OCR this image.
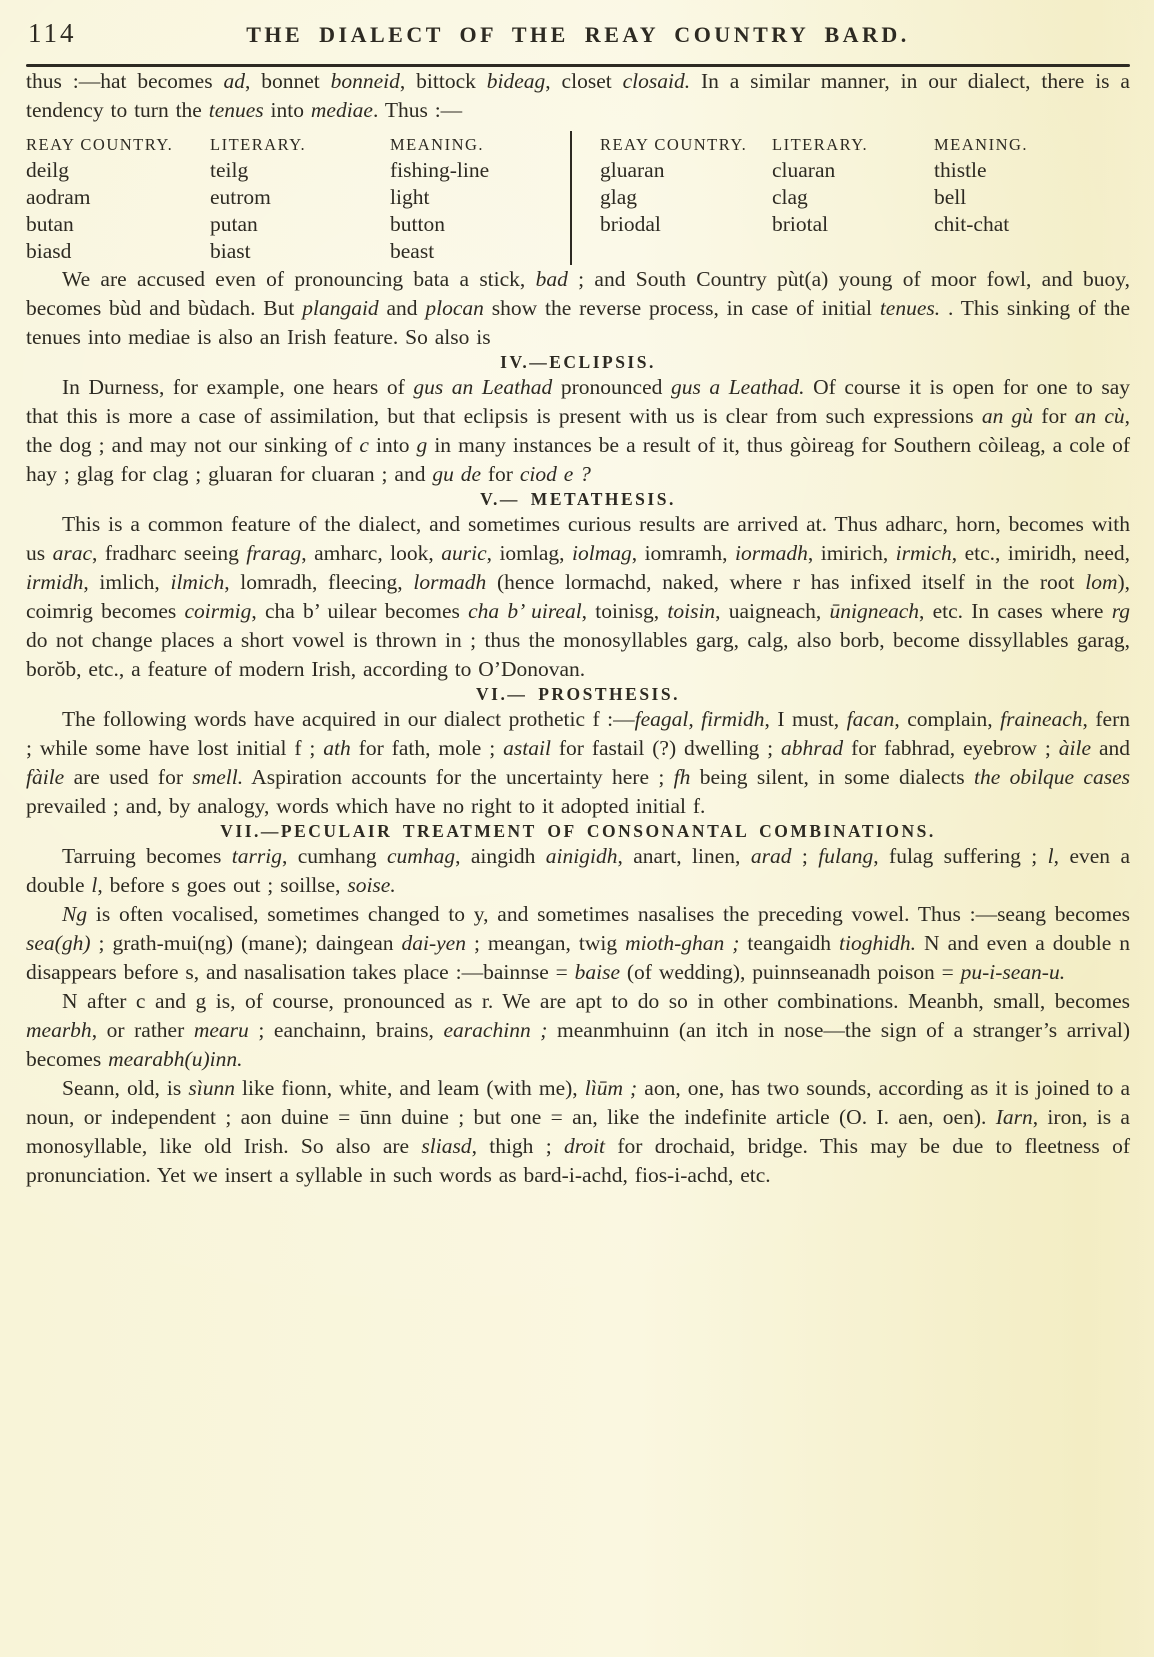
114	THE DIALECT OF THE REAY COUNTRY BARD.

thus :—hat becomes ad, bonnet bonneid, bittock bideag, closet closaid. In a similar manner, in our dialect, there is a tendency to turn the tenues into mediae. Thus :—

REAY COUNTRY.	LITERARY.	MEANING.
deilg	teilg	fishing-line
aodram	eutrom	light
butan	putan	button
biasd	biast	beast
REAY COUNTRY.	LITERARY.	MEANING.
gluaran	cluaran	thistle
glag	clag	bell
briodal	briotal	chit-chat

We are accused even of pronouncing bata a stick, bad ; and South Country pùt(a) young of moor fowl, and buoy, becomes bùd and bùdach. But plangaid and plocan show the reverse process, in case of initial tenues. . This sinking of the tenues into mediae is also an Irish feature. So also is

IV.—ECLIPSIS.

In Durness, for example, one hears of gus an Leathad pronounced gus a Leathad. Of course it is open for one to say that this is more a case of assimilation, but that eclipsis is present with us is clear from such expressions an gù for an cù, the dog ; and may not our sinking of c into g in many instances be a result of it, thus gòireag for Southern còileag, a cole of hay ; glag for clag ; gluaran for cluaran ; and gu de for ciod e ?

V.— METATHESIS.

This is a common feature of the dialect, and sometimes curious results are arrived at. Thus adharc, horn, becomes with us arac, fradharc seeing frarag, amharc, look, auric, iomlag, iolmag, iomramh, iormadh, imirich, irmich, etc., imiridh, need, irmidh, imlich, ilmich, lomradh, fleecing, lormadh (hence lormachd, naked, where r has infixed itself in the root lom), coimrig becomes coirmig, cha b’ uilear becomes cha b’ uireal, toinisg, toisin, uaigneach, ūnigneach, etc. In cases where rg do not change places a short vowel is thrown in ; thus the monosyllables garg, calg, also borb, become dissyllables garag, borŏb, etc., a feature of modern Irish, according to O’Donovan.

VI.— PROSTHESIS.

The following words have acquired in our dialect prothetic f :—feagal, firmidh, I must, facan, complain, fraineach, fern ; while some have lost initial f ; ath for fath, mole ; astail for fastail (?) dwelling ; abhrad for fabhrad, eyebrow ; àile and fàile are used for smell. Aspiration accounts for the uncertainty here ; fh being silent, in some dialects the obilque cases prevailed ; and, by analogy, words which have no right to it adopted initial f.

VII.—PECULAIR TREATMENT OF CONSONANTAL COMBINATIONS.

Tarruing becomes tarrig, cumhang cumhag, aingidh ainigidh, anart, linen, arad ; fulang, fulag suffering ; l, even a double l, before s goes out ; soillse, soise.

Ng is often vocalised, sometimes changed to y, and sometimes nasalises the preceding vowel. Thus :—seang becomes sea(gh) ; grath-mui(ng) (mane); daingean dai-yen ; meangan, twig mioth-ghan ; teangaidh tioghidh. N and even a double n disappears before s, and nasalisation takes place :—bainnse = baise (of wedding), puinnseanadh poison = pu-i-sean-u.

N after c and g is, of course, pronounced as r. We are apt to do so in other combinations. Meanbh, small, becomes mearbh, or rather mearu ; eanchainn, brains, earachinn ; meanmhuinn (an itch in nose—the sign of a stranger’s arrival) becomes mearabh(u)inn.

Seann, old, is sìunn like fionn, white, and leam (with me), lìūm ; aon, one, has two sounds, according as it is joined to a noun, or independent ; aon duine = ūnn duine ; but one = an, like the indefinite article (O. I. aen, oen). Iarn, iron, is a monosyllable, like old Irish. So also are sliasd, thigh ; droit for drochaid, bridge. This may be due to fleetness of pronunciation. Yet we insert a syllable in such words as bard-i-achd, fios-i-achd, etc.
